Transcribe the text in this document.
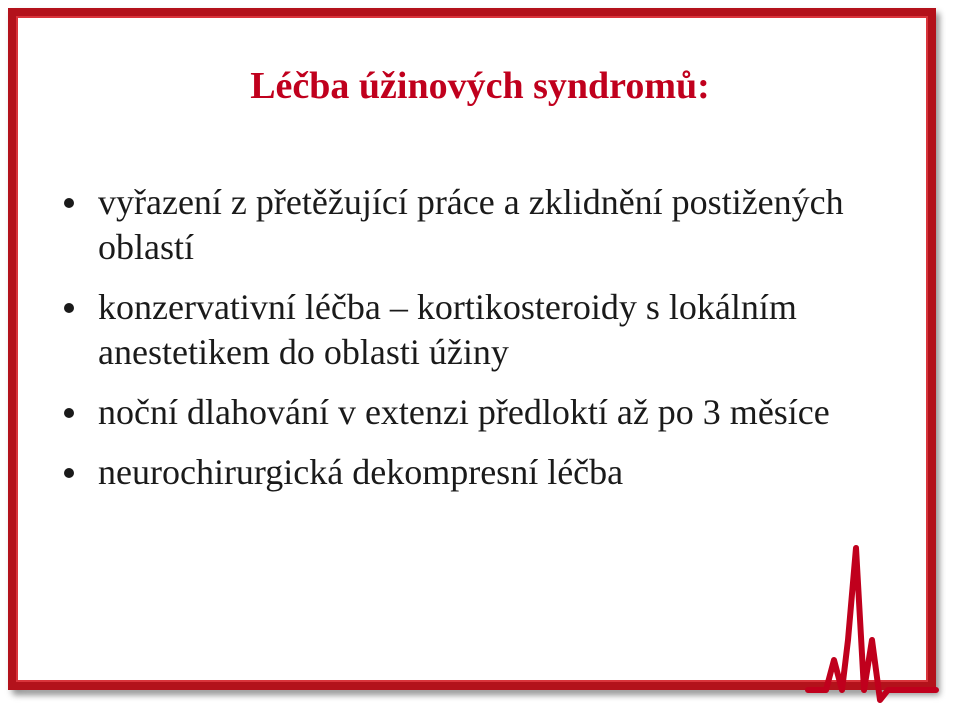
Léčba úžinových syndromů:
vyřazení z přetěžující práce a zklidnění postižených oblastí
konzervativní léčba – kortikosteroidy s lokálním anestetikem do oblasti úžiny
noční dlahování v extenzi předloktí až po 3 měsíce
neurochirurgická dekompresní léčba
